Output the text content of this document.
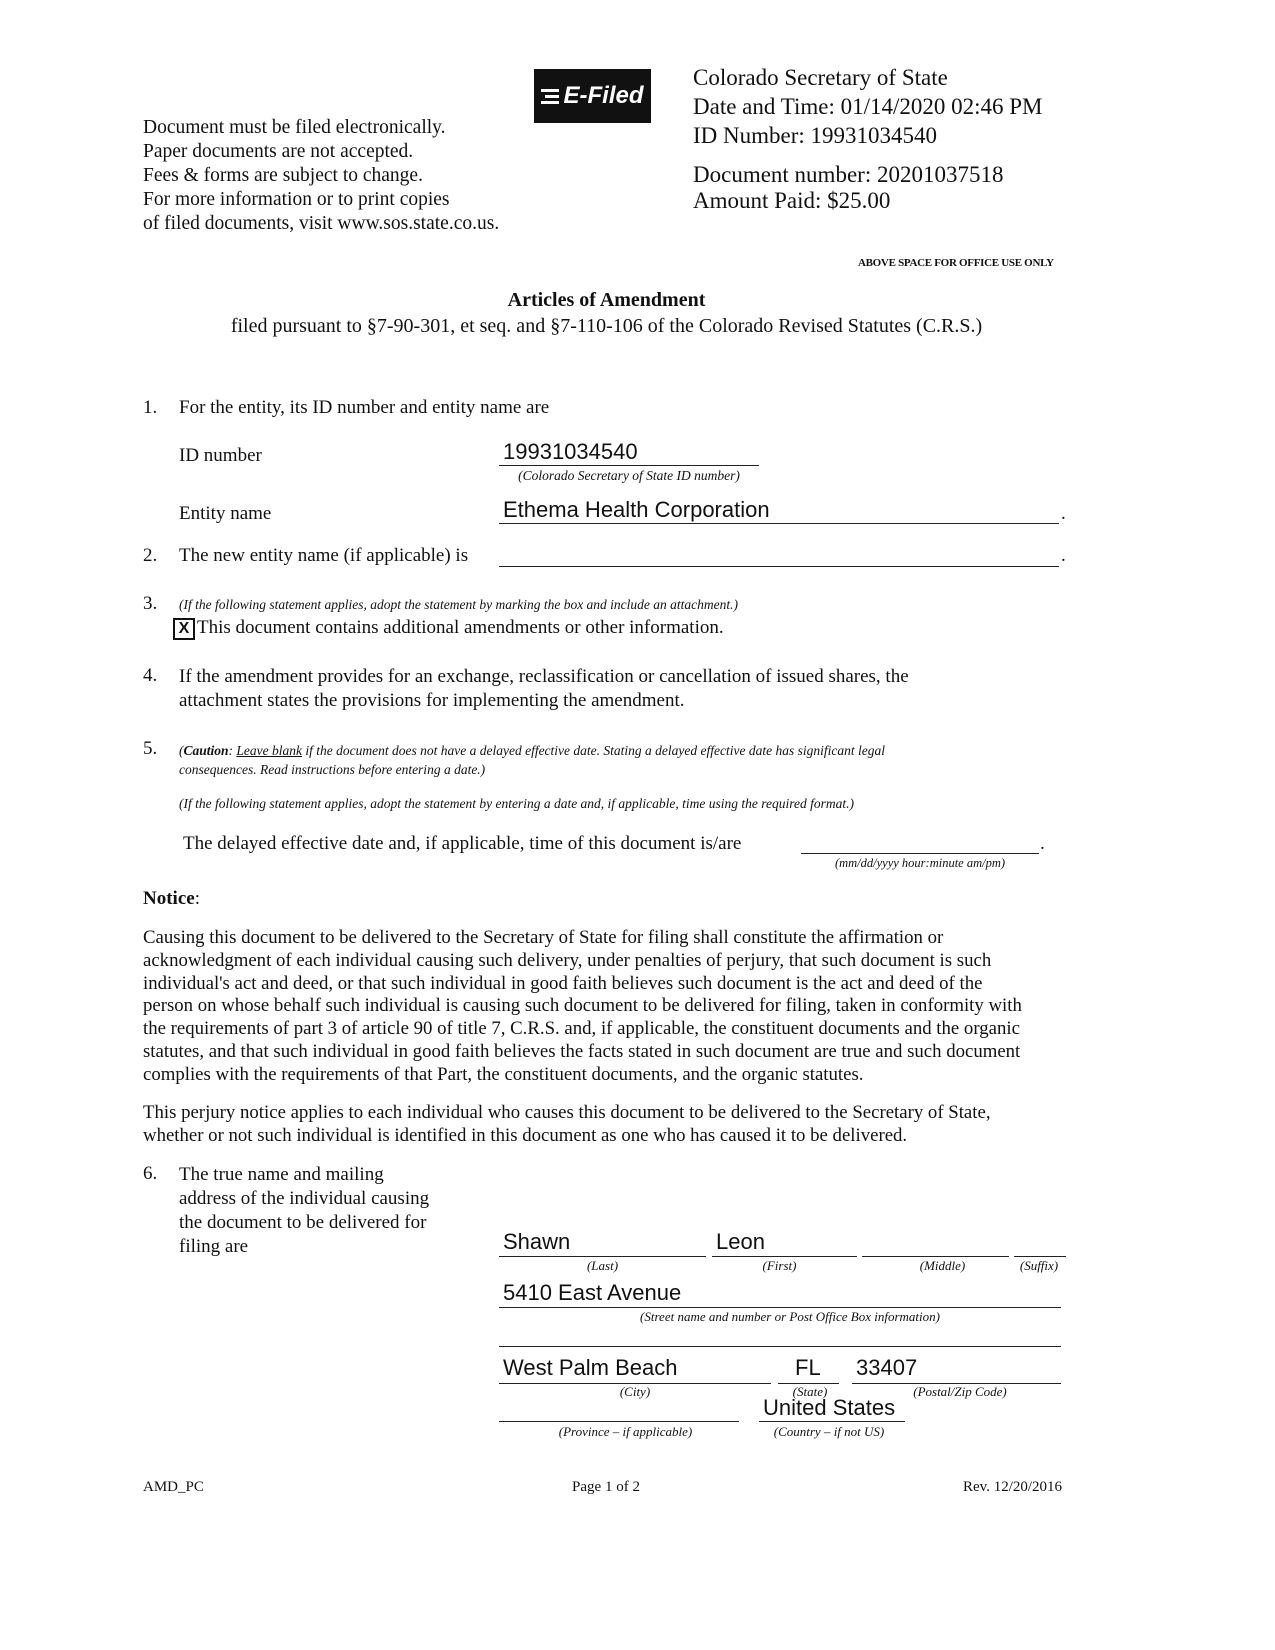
Document must be filed electronically.

Paper documents are not accepted.

Fees & forms are subject to change.

For more information or to print copies

of filed documents, visit www.sos.state.co.us.

E-Filed

Colorado Secretary of State

Date and Time: 01/14/2020 02:46 PM

ID Number: 19931034540

Document number: 20201037518

Amount Paid: $25.00

ABOVE SPACE FOR OFFICE USE ONLY
Articles of Amendment
filed pursuant to §7-90-301, et seq. and §7-110-106 of the Colorado Revised Statutes (C.R.S.)
1. For the entity, its ID number and entity name are
ID number	19931034540
(Colorado Secretary of State ID number)
Entity name	Ethema Health Corporation	.
2. The new entity name (if applicable) is	.
3. (If the following statement applies, adopt the statement by marking the box and include an attachment.)
X This document contains additional amendments or other information.
4. If the amendment provides for an exchange, reclassification or cancellation of issued shares, the

attachment states the provisions for implementing the amendment.

5. (Caution: Leave blank if the document does not have a delayed effective date. Stating a delayed effective date has significant legal

consequences. Read instructions before entering a date.)

(If the following statement applies, adopt the statement by entering a date and, if applicable, time using the required format.)
The delayed effective date and, if applicable, time of this document is/are	.
(mm/dd/yyyy hour:minute am/pm)
Notice:

Causing this document to be delivered to the Secretary of State for filing shall constitute the affirmation or

acknowledgment of each individual causing such delivery, under penalties of perjury, that such document is such

individual's act and deed, or that such individual in good faith believes such document is the act and deed of the

person on whose behalf such individual is causing such document to be delivered for filing, taken in conformity with

the requirements of part 3 of article 90 of title 7, C.R.S. and, if applicable, the constituent documents and the organic

statutes, and that such individual in good faith believes the facts stated in such document are true and such document

complies with the requirements of that Part, the constituent documents, and the organic statutes.

This perjury notice applies to each individual who causes this document to be delivered to the Secretary of State,

whether or not such individual is identified in this document as one who has caused it to be delivered.

6. The true name and mailing

address of the individual causing

the document to be delivered for

filing are	Shawn
(Last)
Leon
(First)	(Middle)	(Suffix)
5410 East Avenue
(Street name and number or Post Office Box information)
West Palm Beach
(City)
FL
(State)
33407
(Postal/Zip Code)
(Province – if applicable)
United States
(Country – if not US)
AMD_PC	Page 1 of 2	Rev. 12/20/2016
